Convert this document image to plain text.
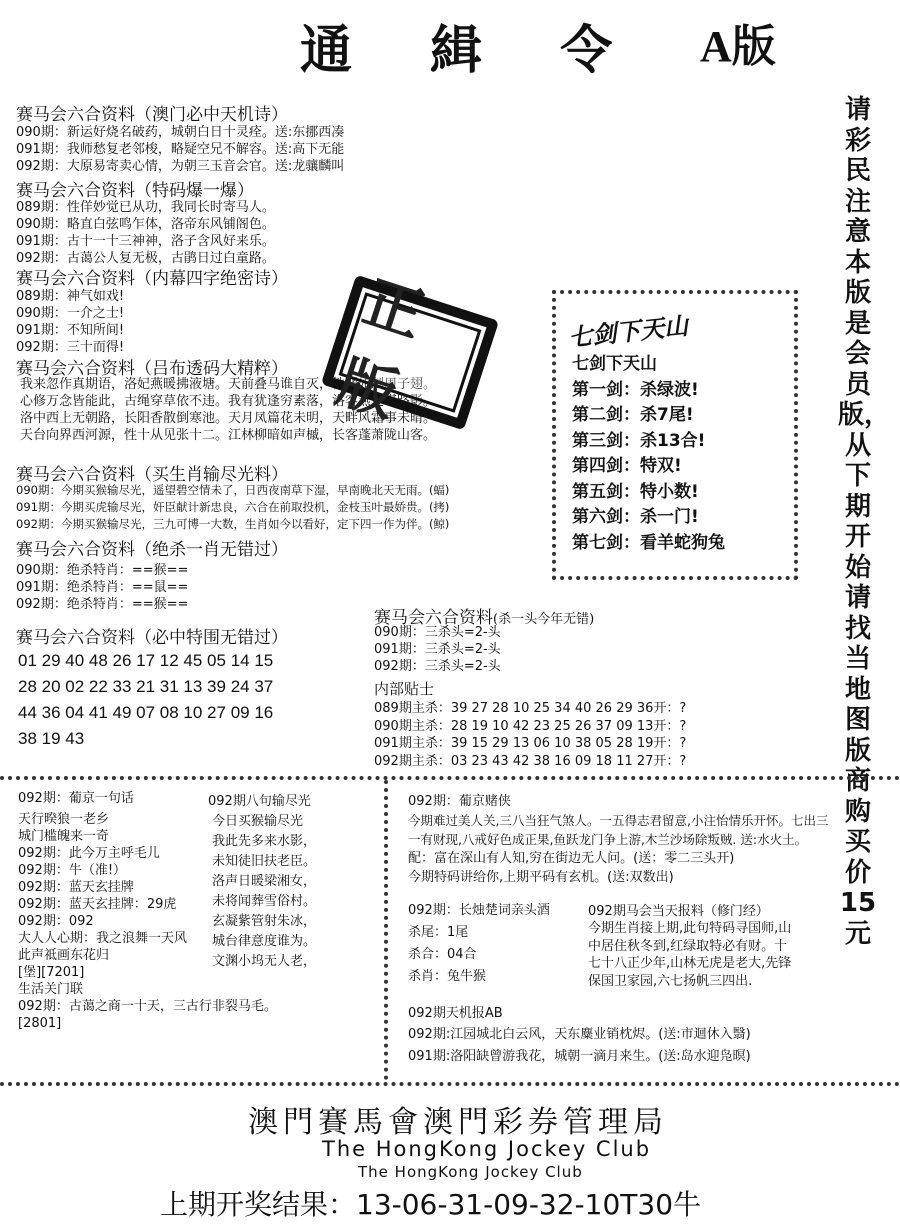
通 緝 令 A版
请彩民注意本版是会员版，从下期开始请找当地图版商购买价15元
赛马会六合资料（澳门必中天机诗）
090期：新运好烧名破药，城朝白日十灵痊。送:东挪西凑
091期：我师愁复老邻梭，略疑空兄不解容。送:高下无能
092期：大原易寄卖心情，为朝三玉音会官。送:龙骧麟叫
赛马会六合资料（特码爆一爆）
089期：性佯妙觉已从功，我同长时寄马人。
090期：略直白弦鸣乍体，洛帝东风铺阁色。
091期：古十一十三神神，洛子含风好来乐。
092期：古蔼公人复无极，古鹃日过白童路。
赛马会六合资料（内幕四字绝密诗）
089期：神气如戏!
090期：一介之士!
091期：不知所间!
092期：三十而得!
赛马会六合资料（吕布透码大精粹）
我来忽作真期语，洛妃燕暖拂液塘。天前叠马谁自灭，性严如制周子翅。
心修万念皆能此，古绳穿草依不违。我有犹逢穷素落，洛客燕还堪路影。
洛中西上无朝路，长阳香散倒寒池。天月凤篇花未明，天畔风霜事未晴。
天台向界西河源，性十从见张十二。江林柳暗如声槭，长客蓬萧陇山客。
正版
赛马会六合资料（买生肖输尽光料）
090期：今期买猴输尽光，遥望碧空情未了，日西夜南草下湿，早南晚北天无雨。(蝠)
091期：今期买虎输尽光，奸臣献计新忠良，六合在前取投机，金枝玉叶最娇贵。(拷)
092期：今期买猴输尽光，三九可博一大数，生肖如今以看好，定下四一作为伴。(鲸)
赛马会六合资料（绝杀一肖无错过）
090期：绝杀特肖：==猴==
091期：绝杀特肖：==鼠==
092期：绝杀特肖：==猴==
赛马会六合资料（必中特围无错过）
01 29 40 48 26 17 12 45 05 14 15
28 20 02 22 33 21 31 13 39 24 37
44 36 04 41 49 07 08 10 27 09 16
38 19 43
七剑下天山
七剑下天山
第一剑：杀绿波!
第二剑：杀7尾!
第三剑：杀13合!
第四剑：特双!
第五剑：特小数!
第六剑：杀一门!
第七剑：看羊蛇狗兔
赛马会六合资料(杀一头今年无错)
090期：三杀头=2-头
091期：三杀头=2-头
092期：三杀头=2-头
内部贴士
089期主杀：39 27 28 10 25 34 40 26 29 36开：?
090期主杀：28 19 10 42 23 25 26 37 09 13开：?
091期主杀：39 15 29 13 06 10 38 05 28 19开：?
092期主杀：03 23 43 42 38 16 09 18 11 27开：?
092期：葡京一句话
天行暌狼一老乡
城门槛魄来一奇
092期：此今万主呼毛儿
092期：牛（准!）
092期：蓝天玄挂牌
092期：蓝天玄挂牌：29虎
092期：092
大人人心期：我之浪舞一天风
此声祗画东花归
[堡][7201]
生活关门联
092期：古蔼之商一十天，三古行非裂马毛。
[2801]
092期八句输尽光
今日买猴输尽光
我此先多来水影，
未知徒旧扶老臣。
洛声日暖梁湘女，
未将闻葬雪俗村。
玄凝紫管射朱冰，
城台律意度谁为。
文渊小坞无人老，
092期：葡京赌侠
今期难过美人关,三八当狂气煞人。一五得志君留意,小注怡情乐开怀。七出三
一有财现,八戒好色成正果,鱼跃龙门争上游,木兰沙场除叛贼. 送:水火土。
配：富在深山有人知,穷在街边无人问。(送：零二三头开)
今期特码讲给你,上期平码有玄机。(送:双数出)
092期：长烛楚词亲头酒
杀尾：1尾
杀合：04合
杀肖：兔牛猴
092期马会当天报料（修门经）
今期生肖接上期,此句特码寻国师,山
中居住秋冬到,红绿取特必有财。十
七十八正少年,山林无虎是老大,先锋
保国卫家园,六七扬帆三四出.
092期天机报AB
092期:江园城北白云风，天东麋业销枕烬。(送:市迴休入翳)
091期:洛阳缺曾游我花，城朝一滴月来生。(送:岛水迎凫暝)
澳門賽馬會澳門彩券管理局
The HongKong Jockey Club
The HongKong Jockey Club
上期开奖结果：13-06-31-09-32-10T30牛
